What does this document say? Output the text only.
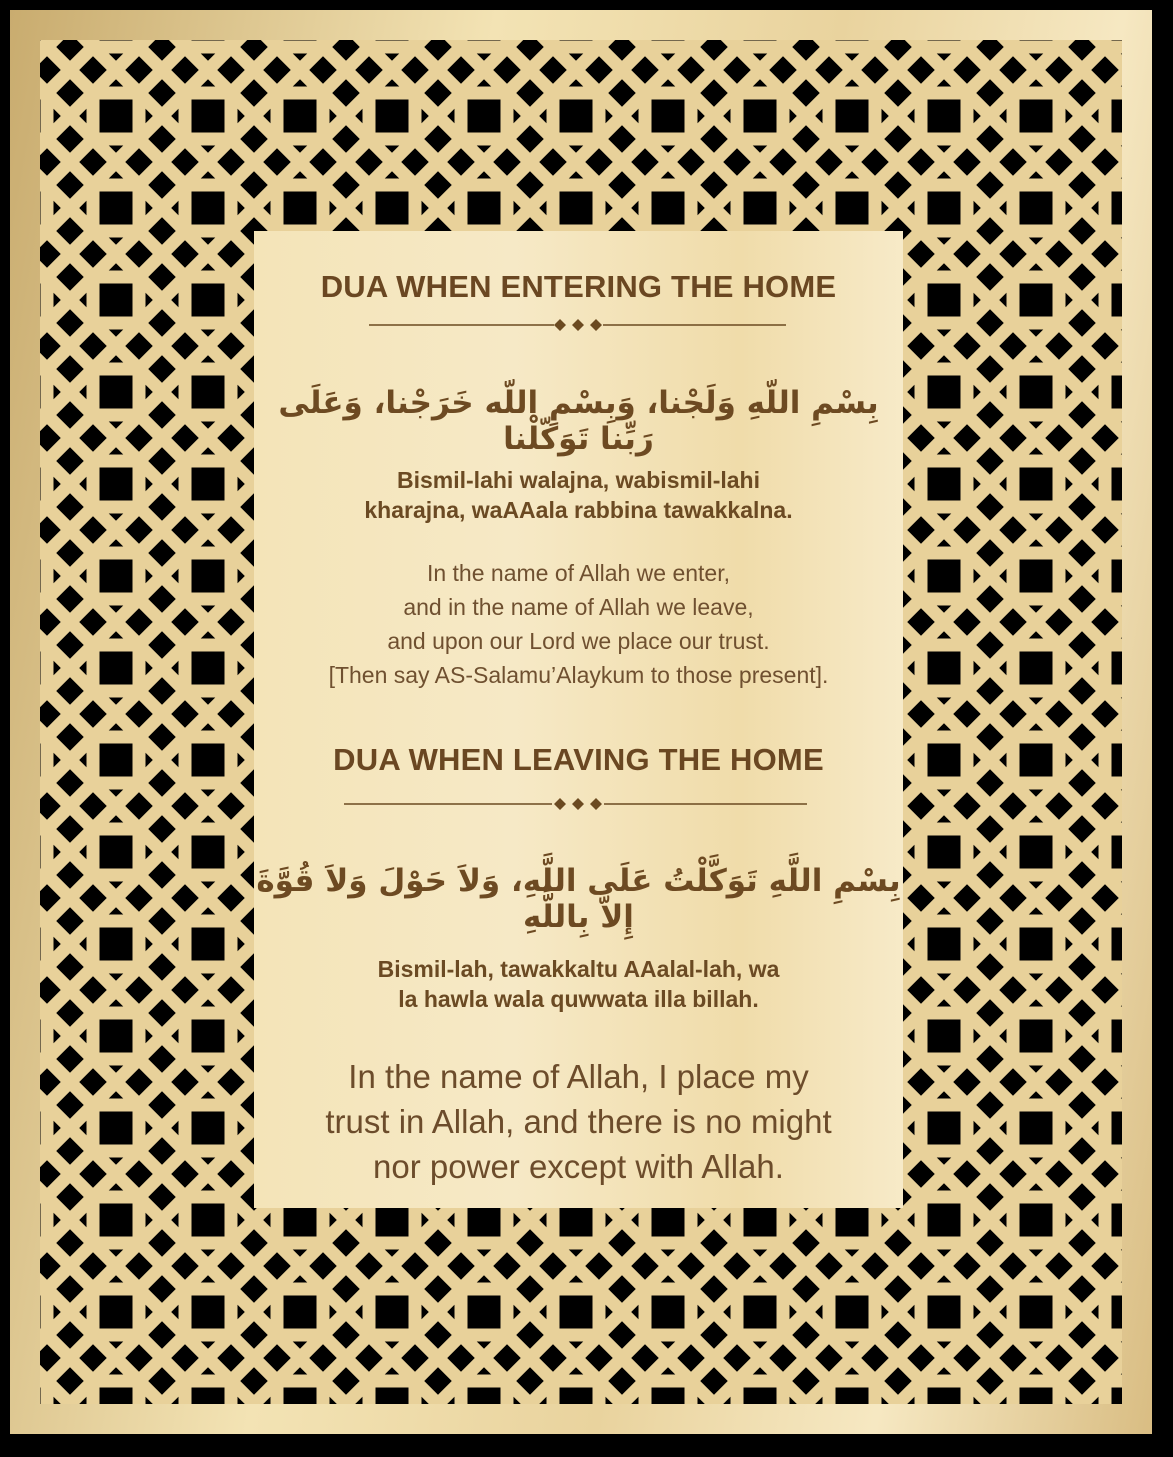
DUA WHEN ENTERING THE HOME
بِسْمِ اللّهِ وَلَجْنا، وَبِسْمِ اللّه خَرَجْنا، وَعَلَى رَبِّنا تَوَكّلْنا
Bismil-lahi walajna, wabismil-lahi
kharajna, waAAala rabbina tawakkalna.
In the name of Allah we enter,
and in the name of Allah we leave,
and upon our Lord we place our trust.
[Then say AS-Salamu’Alaykum to those present].
DUA WHEN LEAVING THE HOME
بِسْمِ اللَّهِ تَوَكَّلْتُ عَلَى اللَّهِ، وَلاَ حَوْلَ وَلاَ قُوَّةَ إِلاَّ بِاللَّهِ
Bismil-lah, tawakkaltu AAalal-lah, wa
la hawla wala quwwata illa billah.
In the name of Allah, I place my
trust in Allah, and there is no might
nor power except with Allah.
